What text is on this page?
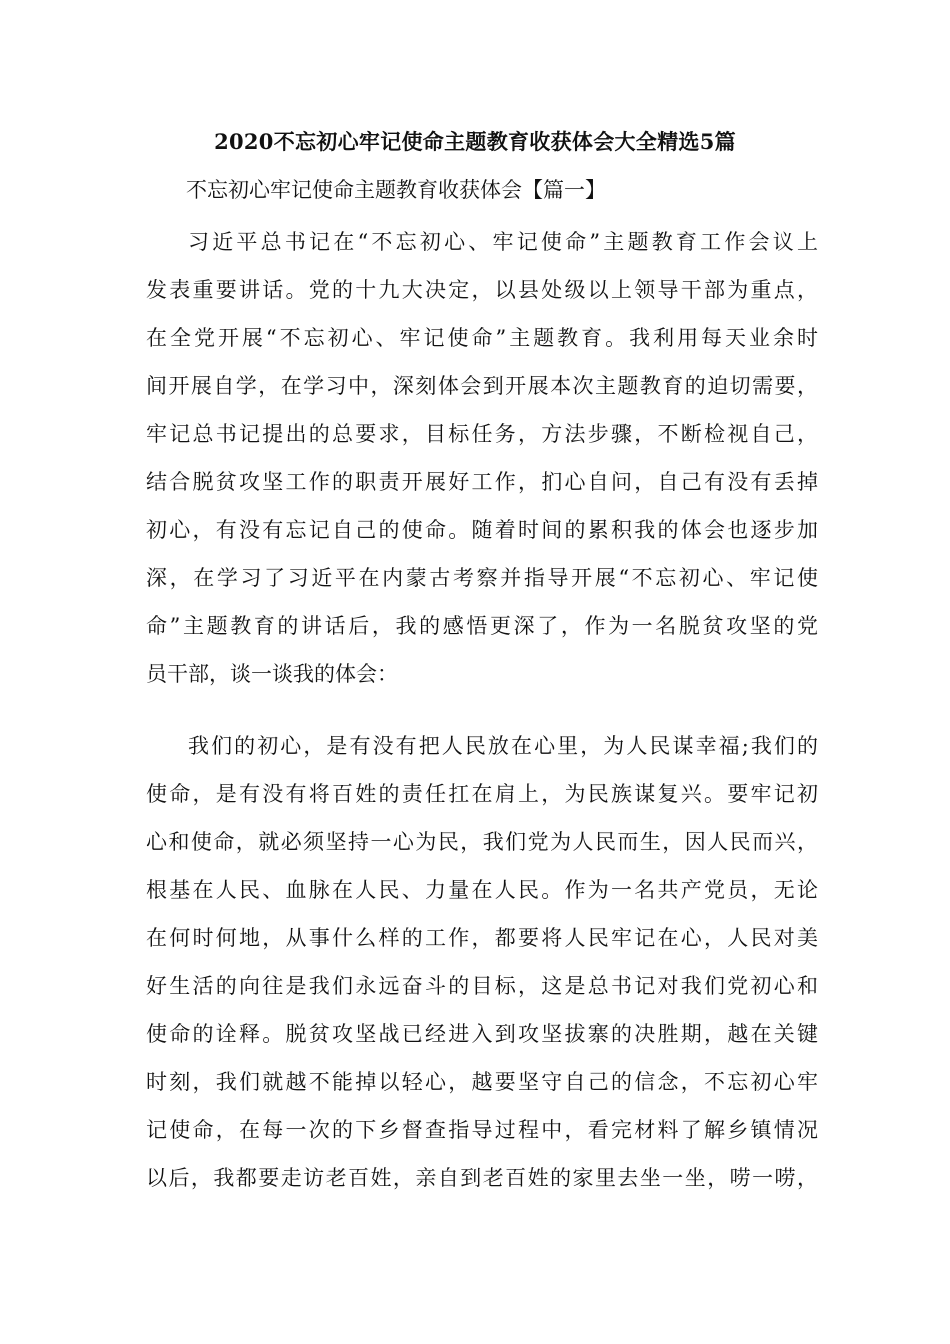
2020不忘初心牢记使命主题教育收获体会大全精选5篇
不忘初心牢记使命主题教育收获体会【篇一】
习近平总书记在“不忘初心、牢记使命”主题教育工作会议上
发表重要讲话。党的十九大决定，以县处级以上领导干部为重点，
在全党开展“不忘初心、牢记使命”主题教育。我利用每天业余时
间开展自学，在学习中，深刻体会到开展本次主题教育的迫切需要，
牢记总书记提出的总要求，目标任务，方法步骤，不断检视自己，
结合脱贫攻坚工作的职责开展好工作，扪心自问，自己有没有丢掉
初心，有没有忘记自己的使命。随着时间的累积我的体会也逐步加
深，在学习了习近平在内蒙古考察并指导开展“不忘初心、牢记使
命”主题教育的讲话后，我的感悟更深了，作为一名脱贫攻坚的党
员干部，谈一谈我的体会：
我们的初心，是有没有把人民放在心里，为人民谋幸福;我们的
使命，是有没有将百姓的责任扛在肩上，为民族谋复兴。要牢记初
心和使命，就必须坚持一心为民，我们党为人民而生，因人民而兴，
根基在人民、血脉在人民、力量在人民。作为一名共产党员，无论
在何时何地，从事什么样的工作，都要将人民牢记在心，人民对美
好生活的向往是我们永远奋斗的目标，这是总书记对我们党初心和
使命的诠释。脱贫攻坚战已经进入到攻坚拔寨的决胜期，越在关键
时刻，我们就越不能掉以轻心，越要坚守自己的信念，不忘初心牢
记使命，在每一次的下乡督查指导过程中，看完材料了解乡镇情况
以后，我都要走访老百姓，亲自到老百姓的家里去坐一坐，唠一唠，
